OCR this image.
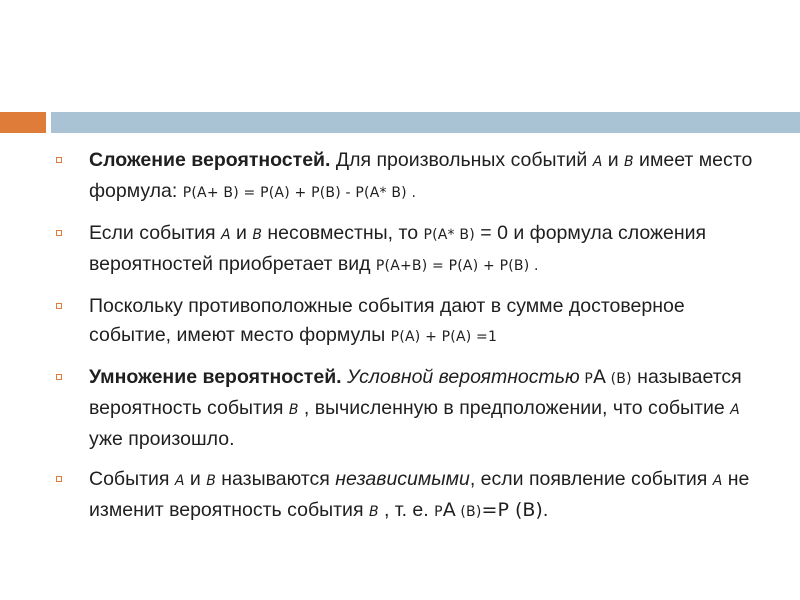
Сложение вероятностей. Для произвольных событий A и B имеет место формула: P(A+ B) = P(A) + P(B) - P(A* B) .
Если события A и B несовместны, то P(A* B) = 0 и формула сложения вероятностей приобретает вид P(A+B) = P(A) + P(B) .
Поскольку противоположные события дают в сумме достоверное событие, имеют место формулы P(A) + P(A) =1
Умножение вероятностей. Условной вероятностью PA (B) называется вероятность события B , вычисленную в предположении, что событие A уже произошло.
События A и B называются независимыми, если появление события A не изменит вероятность события B , т. е. PA (B)=P (B).
